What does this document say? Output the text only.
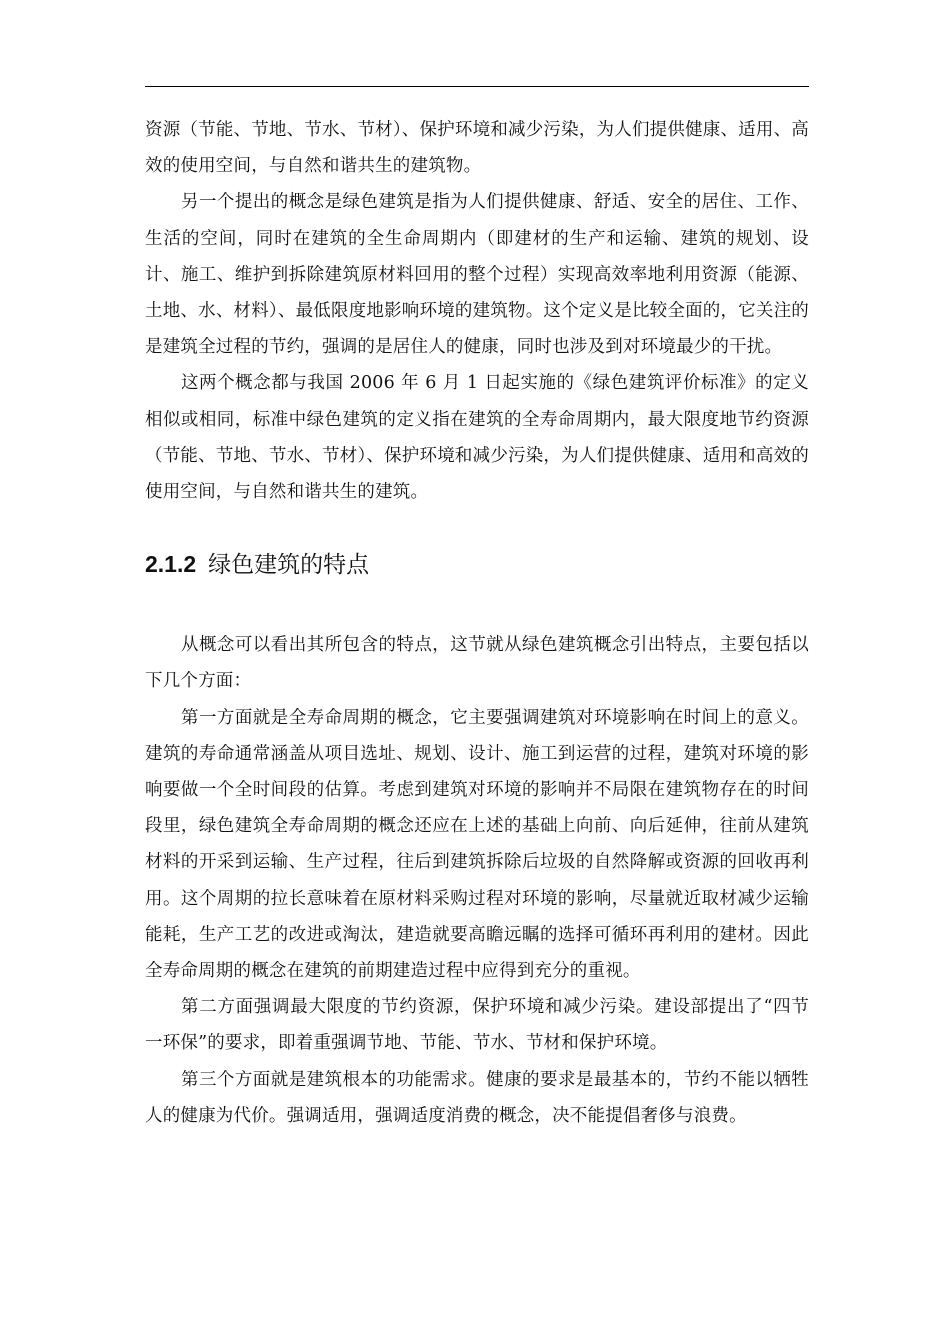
资源（节能、节地、节水、节材）、保护环境和减少污染，为人们提供健康、适用、高效的使用空间，与自然和谐共生的建筑物。

另一个提出的概念是绿色建筑是指为人们提供健康、舒适、安全的居住、工作、生活的空间，同时在建筑的全生命周期内（即建材的生产和运输、建筑的规划、设计、施工、维护到拆除建筑原材料回用的整个过程）实现高效率地利用资源（能源、土地、水、材料）、最低限度地影响环境的建筑物。这个定义是比较全面的，它关注的是建筑全过程的节约，强调的是居住人的健康，同时也涉及到对环境最少的干扰。

这两个概念都与我国 2006 年 6 月 1 日起实施的《绿色建筑评价标准》的定义相似或相同，标准中绿色建筑的定义指在建筑的全寿命周期内，最大限度地节约资源（节能、节地、节水、节材）、保护环境和减少污染，为人们提供健康、适用和高效的使用空间，与自然和谐共生的建筑。

2.1.2 绿色建筑的特点

从概念可以看出其所包含的特点，这节就从绿色建筑概念引出特点，主要包括以下几个方面：

第一方面就是全寿命周期的概念，它主要强调建筑对环境影响在时间上的意义。建筑的寿命通常涵盖从项目选址、规划、设计、施工到运营的过程，建筑对环境的影响要做一个全时间段的估算。考虑到建筑对环境的影响并不局限在建筑物存在的时间段里，绿色建筑全寿命周期的概念还应在上述的基础上向前、向后延伸，往前从建筑材料的开采到运输、生产过程，往后到建筑拆除后垃圾的自然降解或资源的回收再利用。这个周期的拉长意味着在原材料采购过程对环境的影响，尽量就近取材减少运输能耗，生产工艺的改进或淘汰，建造就要高瞻远瞩的选择可循环再利用的建材。因此全寿命周期的概念在建筑的前期建造过程中应得到充分的重视。

第二方面强调最大限度的节约资源，保护环境和减少污染。建设部提出了“四节一环保”的要求，即着重强调节地、节能、节水、节材和保护环境。

第三个方面就是建筑根本的功能需求。健康的要求是最基本的，节约不能以牺牲人的健康为代价。强调适用，强调适度消费的概念，决不能提倡奢侈与浪费。
